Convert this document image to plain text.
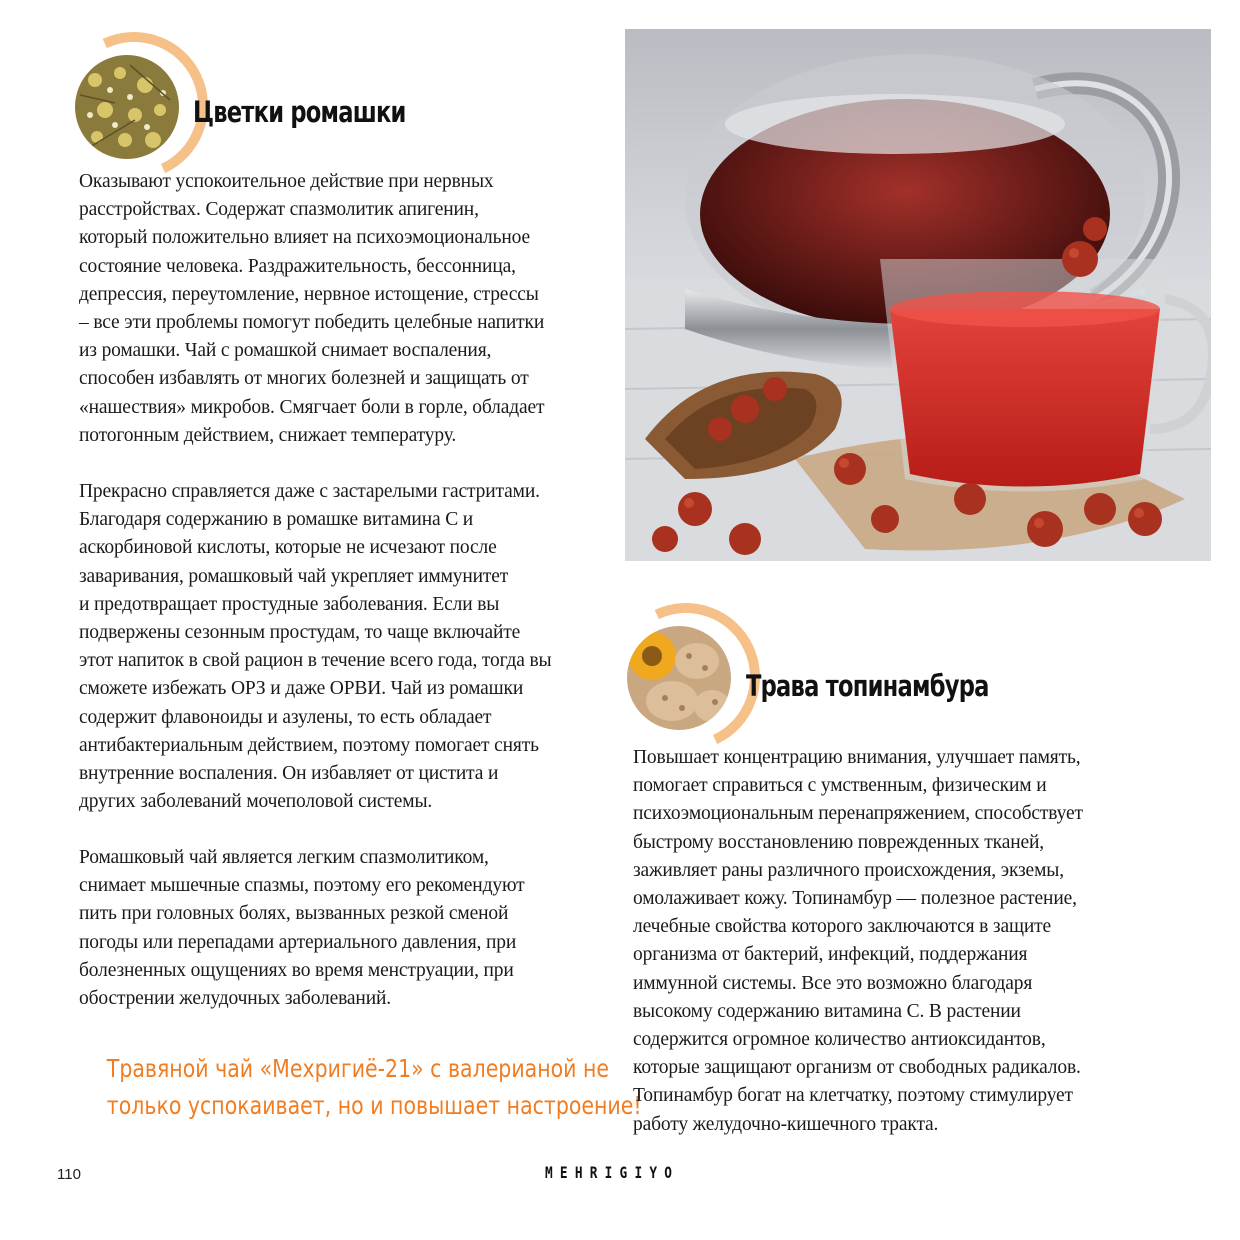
Цветки ромашки

Оказывают успокоительное действие при нервных
расстройствах. Содержат спазмолитик апигенин,
который положительно влияет на психоэмоциональное
состояние человека. Раздражительность, бессонница,
депрессия, переутомление, нервное истощение, стрессы
– все эти проблемы помогут победить целебные напитки
из ромашки. Чай с ромашкой снимает воспаления,
способен избавлять от многих болезней и защищать от
«нашествия» микробов. Смягчает боли в горле, обладает
потогонным действием, снижает температуру.

Прекрасно справляется даже с застарелыми гастритами.
Благодаря содержанию в ромашке витамина С и
аскорбиновой кислоты, которые не исчезают после
заваривания, ромашковый чай укрепляет иммунитет
и предотвращает простудные заболевания. Если вы
подвержены сезонным простудам, то чаще включайте
этот напиток в свой рацион в течение всего года, тогда вы
сможете избежать ОРЗ и даже ОРВИ. Чай из ромашки
содержит флавоноиды и азулены, то есть обладает
антибактериальным действием, поэтому помогает снять
внутренние воспаления. Он избавляет от цистита и
других заболеваний мочеполовой системы.

Ромашковый чай является легким спазмолитиком,
снимает мышечные спазмы, поэтому его рекомендуют
пить при головных болях, вызванных резкой сменой
погоды или перепадами артериального давления, при
болезненных ощущениях во время менструации, при
обострении желудочных заболеваний.

Травяной чай «Мехригиё-21» с валерианой не
только успокаивает, но и повышает настроение!
Трава топинамбура

Повышает концентрацию внимания, улучшает память,
помогает справиться с умственным, физическим и
психоэмоциональным перенапряжением, способствует
быстрому восстановлению поврежденных тканей,
заживляет раны различного происхождения, экземы,
омолаживает кожу. Топинамбур — полезное растение,
лечебные свойства которого заключаются в защите
организма от бактерий, инфекций, поддержания
иммунной системы. Все это возможно благодаря
высокому содержанию витамина С. В растении
содержится огромное количество антиоксидантов,
которые защищают организм от свободных радикалов.
Топинамбур богат на клетчатку, поэтому стимулирует
работу желудочно-кишечного тракта.

110	MEHRIGIYO
